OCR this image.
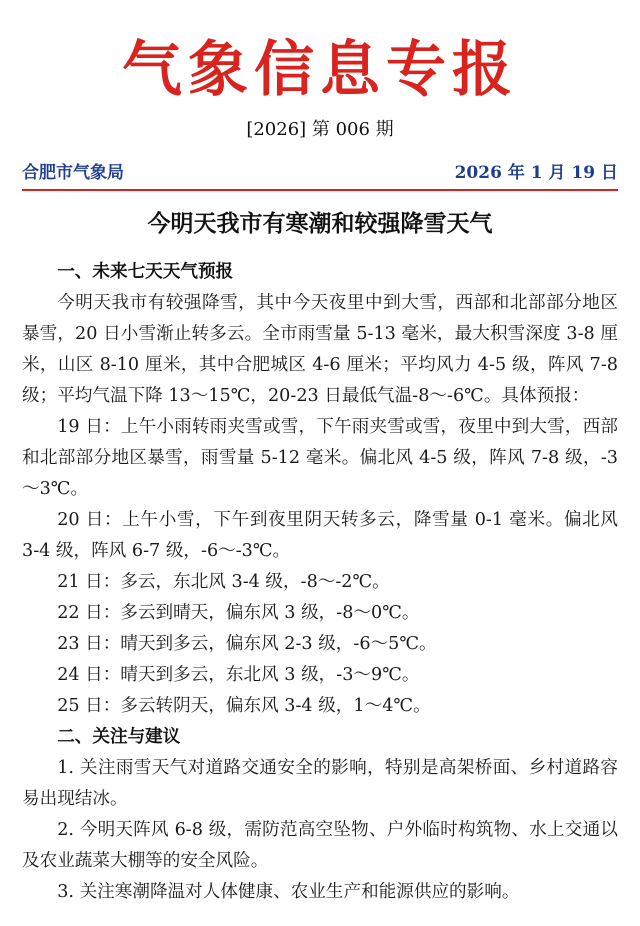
气象信息专报
[2026] 第 006 期
合肥市气象局	2026 年 1 月 19 日
今明天我市有寒潮和较强降雪天气

一、未来七天天气预报

今明天我市有较强降雪，其中今天夜里中到大雪，西部和北部部分地区暴雪，20 日小雪渐止转多云。全市雨雪量 5-13 毫米，最大积雪深度 3-8 厘米，山区 8-10 厘米，其中合肥城区 4-6 厘米；平均风力 4-5 级，阵风 7-8 级；平均气温下降 13～15℃，20-23 日最低气温-8～-6℃。具体预报：

19 日：上午小雨转雨夹雪或雪，下午雨夹雪或雪，夜里中到大雪，西部和北部部分地区暴雪，雨雪量 5-12 毫米。偏北风 4-5 级，阵风 7-8 级，-3～3℃。

20 日：上午小雪，下午到夜里阴天转多云，降雪量 0-1 毫米。偏北风 3-4 级，阵风 6-7 级，-6～-3℃。

21 日：多云，东北风 3-4 级，-8～-2℃。

22 日：多云到晴天，偏东风 3 级，-8～0℃。

23 日：晴天到多云，偏东风 2-3 级，-6～5℃。

24 日：晴天到多云，东北风 3 级，-3～9℃。

25 日：多云转阴天，偏东风 3-4 级，1～4℃。

二、关注与建议

1. 关注雨雪天气对道路交通安全的影响，特别是高架桥面、乡村道路容易出现结冰。

2. 今明天阵风 6-8 级，需防范高空坠物、户外临时构筑物、水上交通以及农业蔬菜大棚等的安全风险。

3. 关注寒潮降温对人体健康、农业生产和能源供应的影响。
